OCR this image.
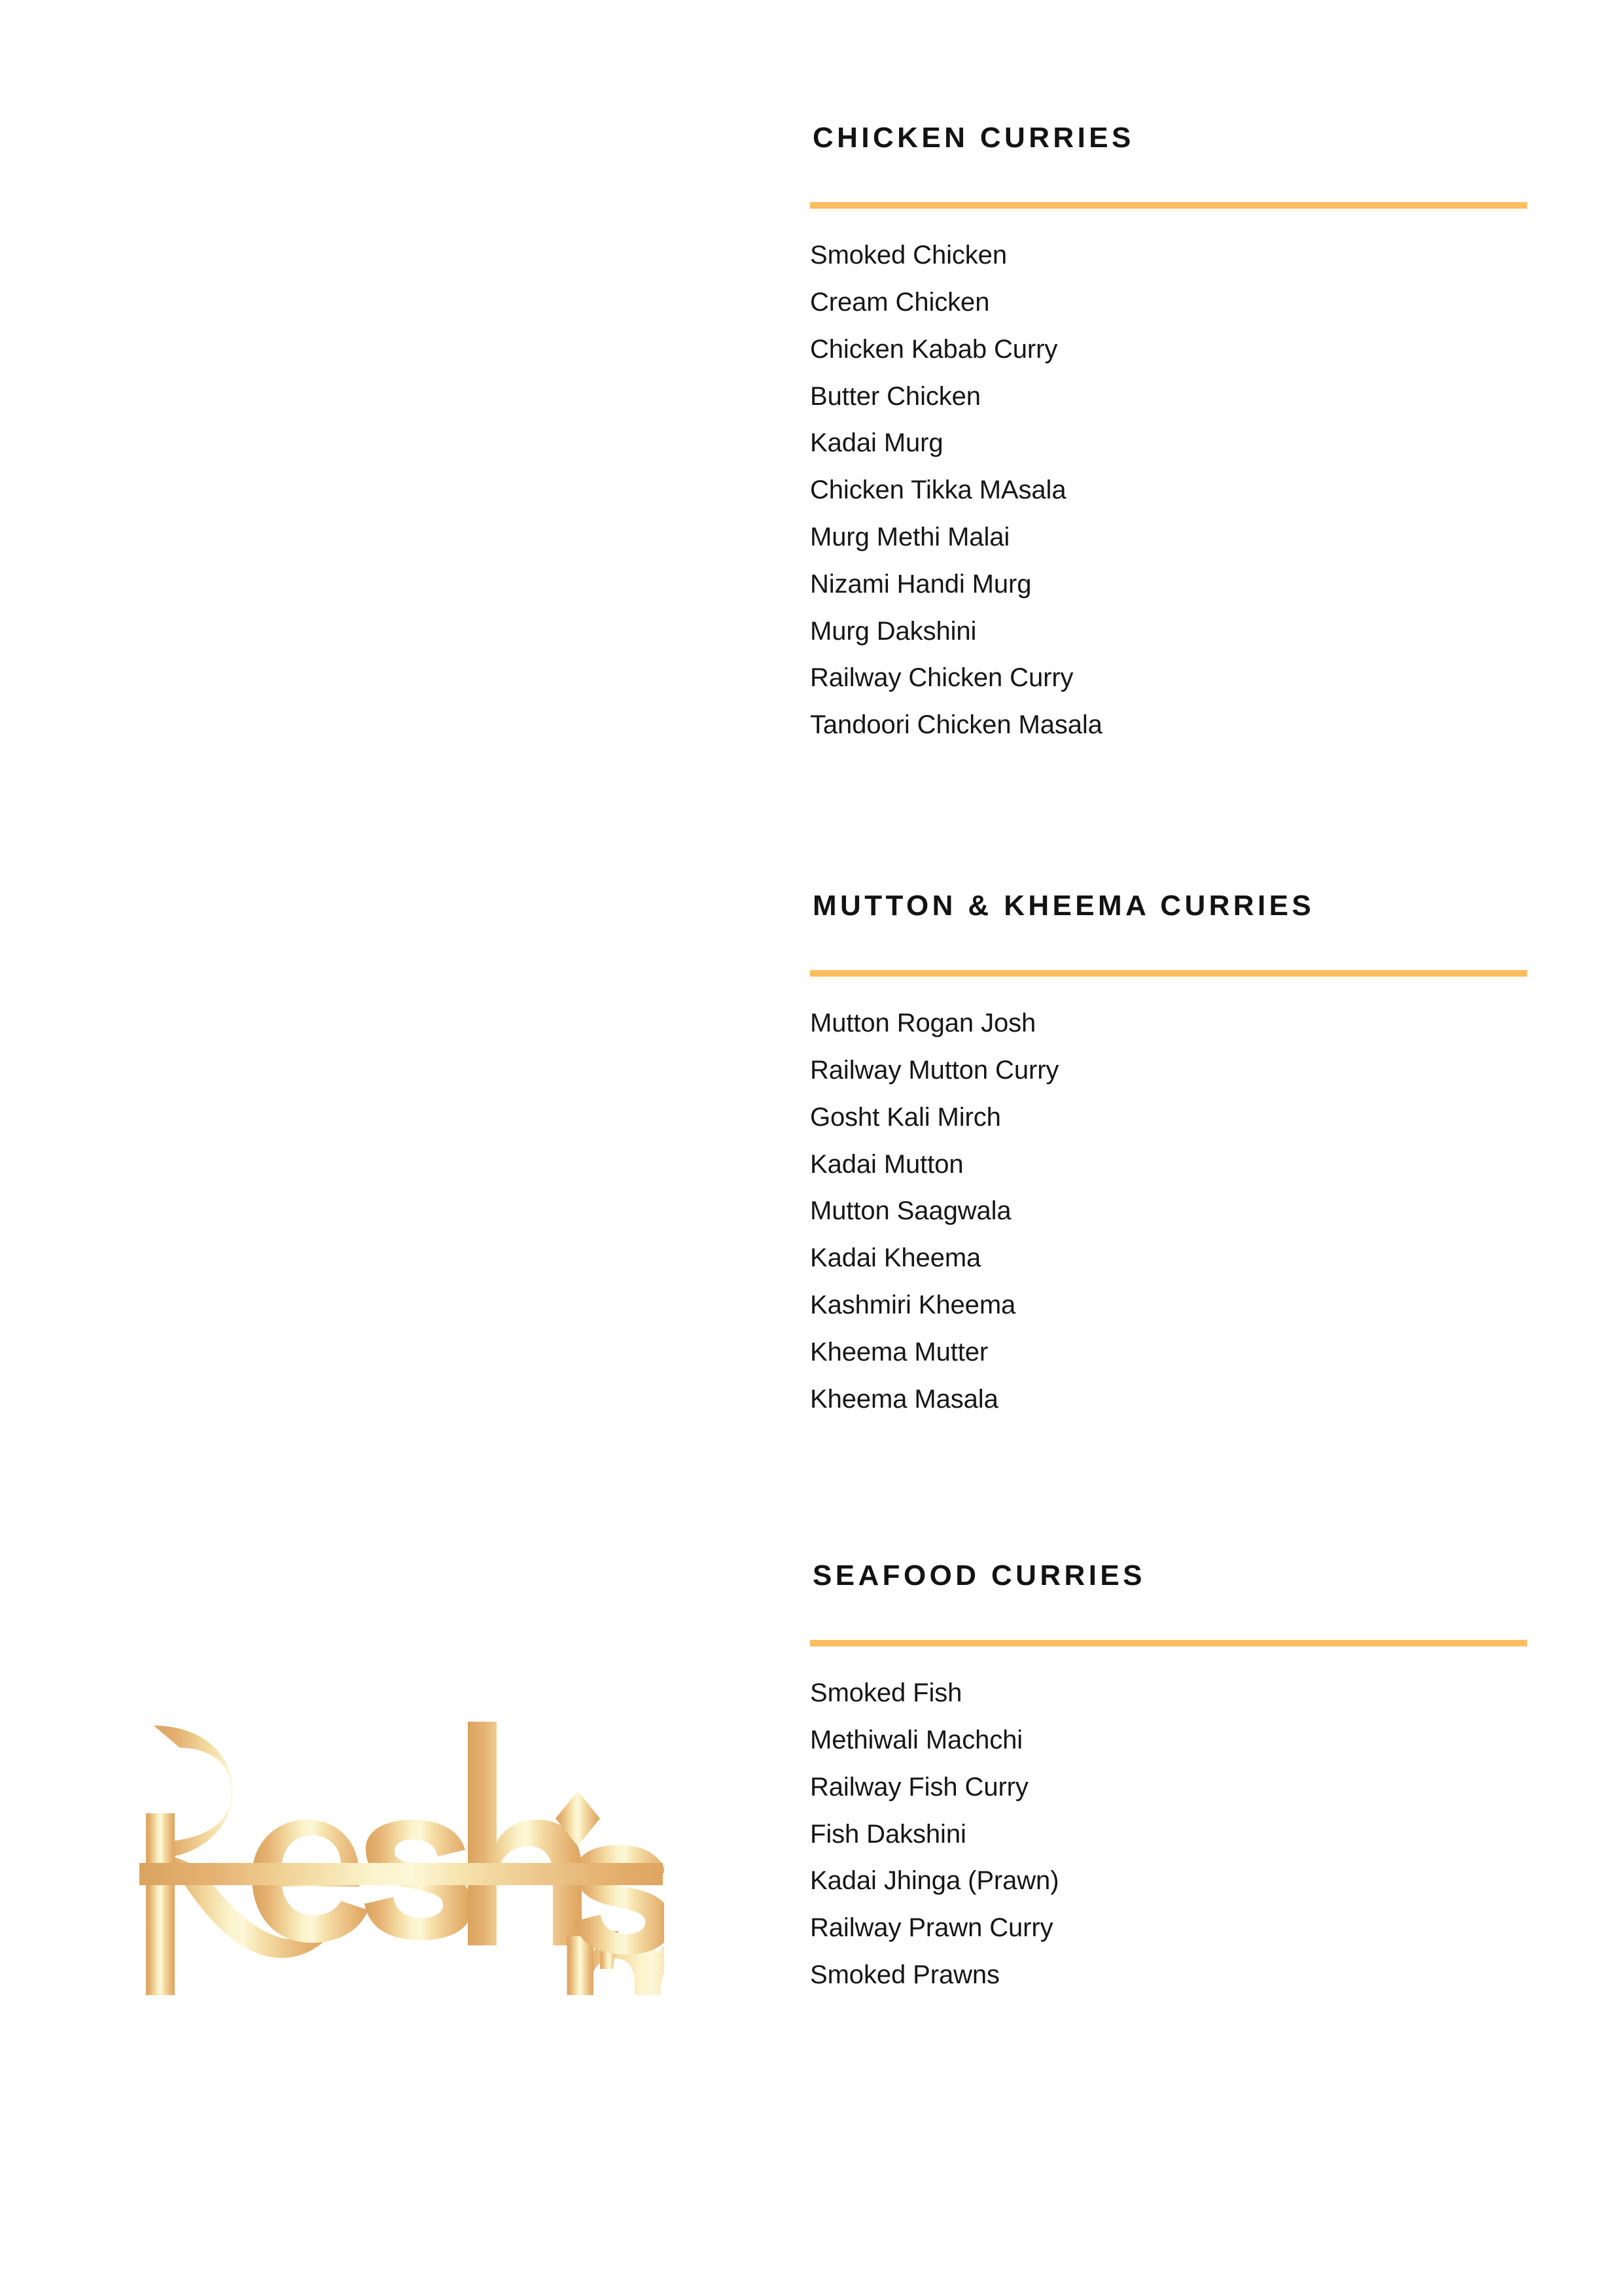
CHICKEN CURRIES
Smoked Chicken
Cream Chicken
Chicken Kabab Curry
Butter Chicken
Kadai Murg
Chicken Tikka MAsala
Murg Methi Malai
Nizami Handi Murg
Murg Dakshini
Railway Chicken Curry
Tandoori Chicken Masala
MUTTON & KHEEMA CURRIES
Mutton Rogan Josh
Railway Mutton Curry
Gosht Kali Mirch
Kadai Mutton
Mutton Saagwala
Kadai Kheema
Kashmiri Kheema
Kheema Mutter
Kheema Masala
SEAFOOD CURRIES
Smoked Fish
Methiwali Machchi
Railway Fish Curry
Fish Dakshini
Kadai Jhinga (Prawn)
Railway Prawn Curry
Smoked Prawns
